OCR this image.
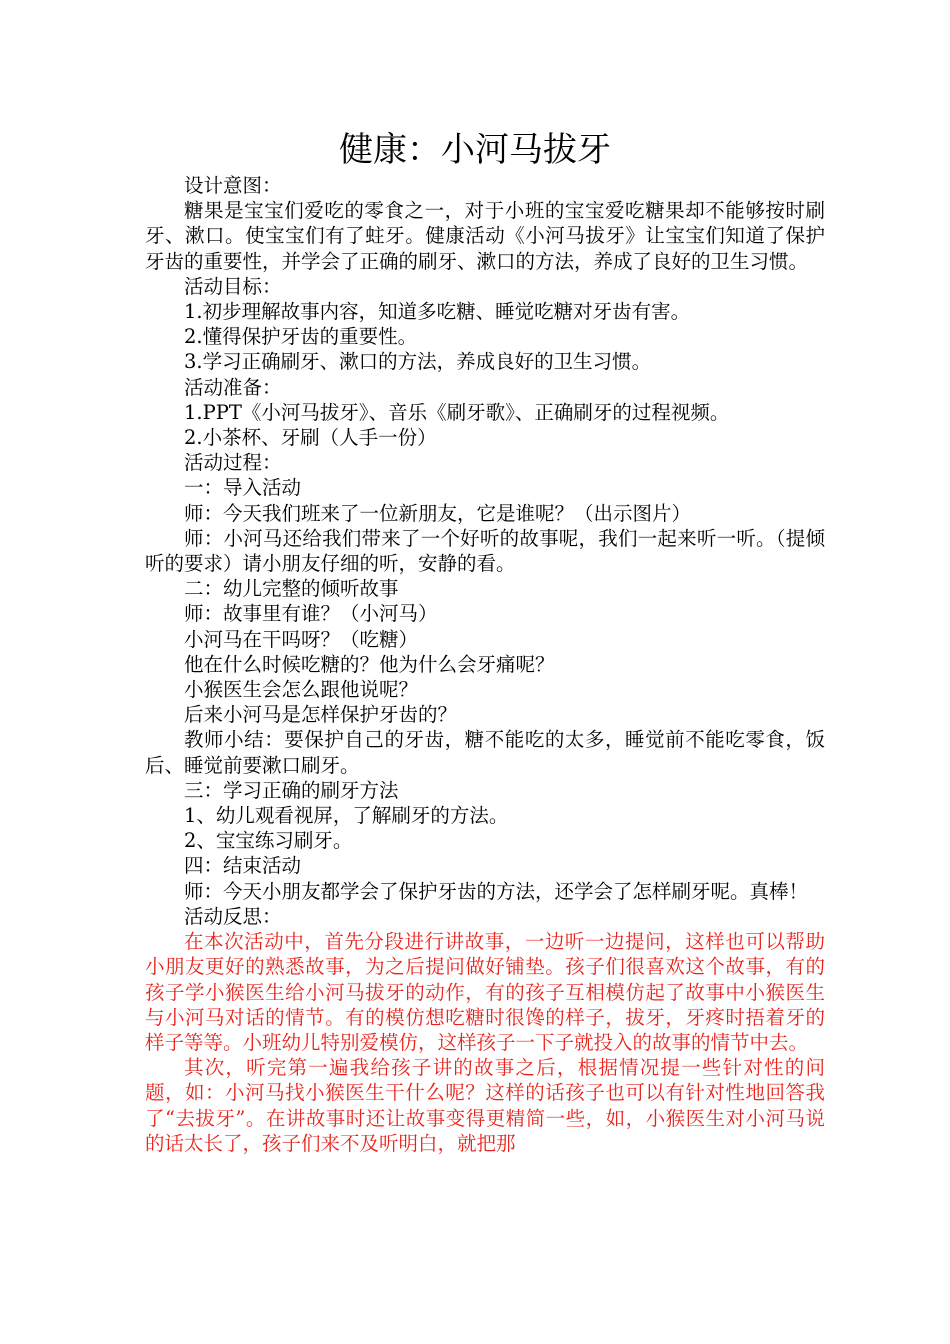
健康：小河马拔牙

设计意图：

糖果是宝宝们爱吃的零食之一，对于小班的宝宝爱吃糖果却不能够按时刷牙、漱口。使宝宝们有了蛀牙。健康活动《小河马拔牙》让宝宝们知道了保护牙齿的重要性，并学会了正确的刷牙、漱口的方法，养成了良好的卫生习惯。

活动目标：

1.初步理解故事内容，知道多吃糖、睡觉吃糖对牙齿有害。

2.懂得保护牙齿的重要性。

3.学习正确刷牙、漱口的方法，养成良好的卫生习惯。

活动准备：

1.PPT《小河马拔牙》、音乐《刷牙歌》、正确刷牙的过程视频。

2.小茶杯、牙刷（人手一份）

活动过程：

一：导入活动

师：今天我们班来了一位新朋友，它是谁呢？（出示图片）

师：小河马还给我们带来了一个好听的故事呢，我们一起来听一听。（提倾听的要求）请小朋友仔细的听，安静的看。

二：幼儿完整的倾听故事

师：故事里有谁？（小河马）

小河马在干吗呀？（吃糖）

他在什么时候吃糖的？他为什么会牙痛呢？

小猴医生会怎么跟他说呢？

后来小河马是怎样保护牙齿的？

教师小结：要保护自己的牙齿，糖不能吃的太多，睡觉前不能吃零食，饭后、睡觉前要漱口刷牙。

三：学习正确的刷牙方法

1、幼儿观看视屏，了解刷牙的方法。

2、宝宝练习刷牙。

四：结束活动

师：今天小朋友都学会了保护牙齿的方法，还学会了怎样刷牙呢。真棒！

活动反思：

在本次活动中，首先分段进行讲故事，一边听一边提问，这样也可以帮助小朋友更好的熟悉故事，为之后提问做好铺垫。孩子们很喜欢这个故事，有的孩子学小猴医生给小河马拔牙的动作，有的孩子互相模仿起了故事中小猴医生与小河马对话的情节。有的模仿想吃糖时很馋的样子，拔牙，牙疼时捂着牙的样子等等。小班幼儿特别爱模仿，这样孩子一下子就投入的故事的情节中去。

其次，听完第一遍我给孩子讲的故事之后，根据情况提一些针对性的问题，如：小河马找小猴医生干什么呢？这样的话孩子也可以有针对性地回答我了“去拔牙”。在讲故事时还让故事变得更精简一些，如，小猴医生对小河马说的话太长了，孩子们来不及听明白，就把那
